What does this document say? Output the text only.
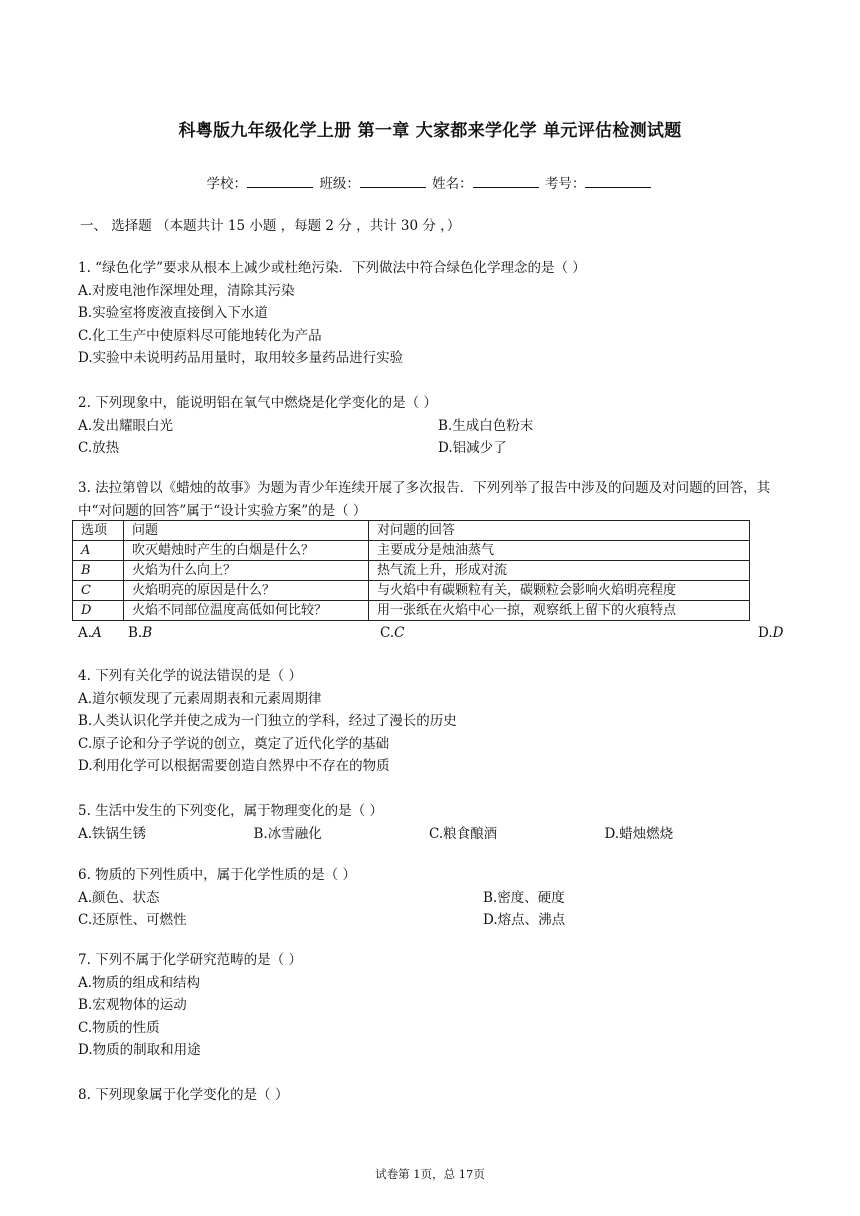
科粤版九年级化学上册 第一章 大家都来学化学 单元评估检测试题
学校：	班级：	姓名：	考号：
一、 选择题 （本题共计 15 小题 ，每题 2 分 ，共计 30 分 ，）
1. “绿色化学”要求从根本上减少或杜绝污染．下列做法中符合绿色化学理念的是（ ）
A.对废电池作深埋处理，清除其污染
B.实验室将废液直接倒入下水道
C.化工生产中使原料尽可能地转化为产品
D.实验中未说明药品用量时，取用较多量药品进行实验
2. 下列现象中，能说明铝在氧气中燃烧是化学变化的是（ ）
A.发出耀眼白光	B.生成白色粉末
C.放热	D.铝减少了
3. 法拉第曾以《蜡烛的故事》为题为青少年连续开展了多次报告．下列列举了报告中涉及的问题及对问题的回答，其中“对问题的回答”属于“设计实验方案”的是（ ）
选项	问题	对问题的回答
A	吹灭蜡烛时产生的白烟是什么？	主要成分是烛油蒸气
B	火焰为什么向上？	热气流上升，形成对流
C	火焰明亮的原因是什么？	与火焰中有碳颗粒有关，碳颗粒会影响火焰明亮程度
D	火焰不同部位温度高低如何比较？	用一张纸在火焰中心一掠，观察纸上留下的火痕特点
A.A B.B	C.C	D.D
4. 下列有关化学的说法错误的是（ ）
A.道尔顿发现了元素周期表和元素周期律
B.人类认识化学并使之成为一门独立的学科，经过了漫长的历史
C.原子论和分子学说的创立，奠定了近代化学的基础
D.利用化学可以根据需要创造自然界中不存在的物质
5. 生活中发生的下列变化，属于物理变化的是（ ）
A.铁锅生锈	B.冰雪融化	C.粮食酿酒	D.蜡烛燃烧
6. 物质的下列性质中，属于化学性质的是（ ）
A.颜色、状态	B.密度、硬度
C.还原性、可燃性	D.熔点、沸点
7. 下列不属于化学研究范畴的是（ ）
A.物质的组成和结构
B.宏观物体的运动
C.物质的性质
D.物质的制取和用途
8. 下列现象属于化学变化的是（ ）
试卷第 1页，总 17页
